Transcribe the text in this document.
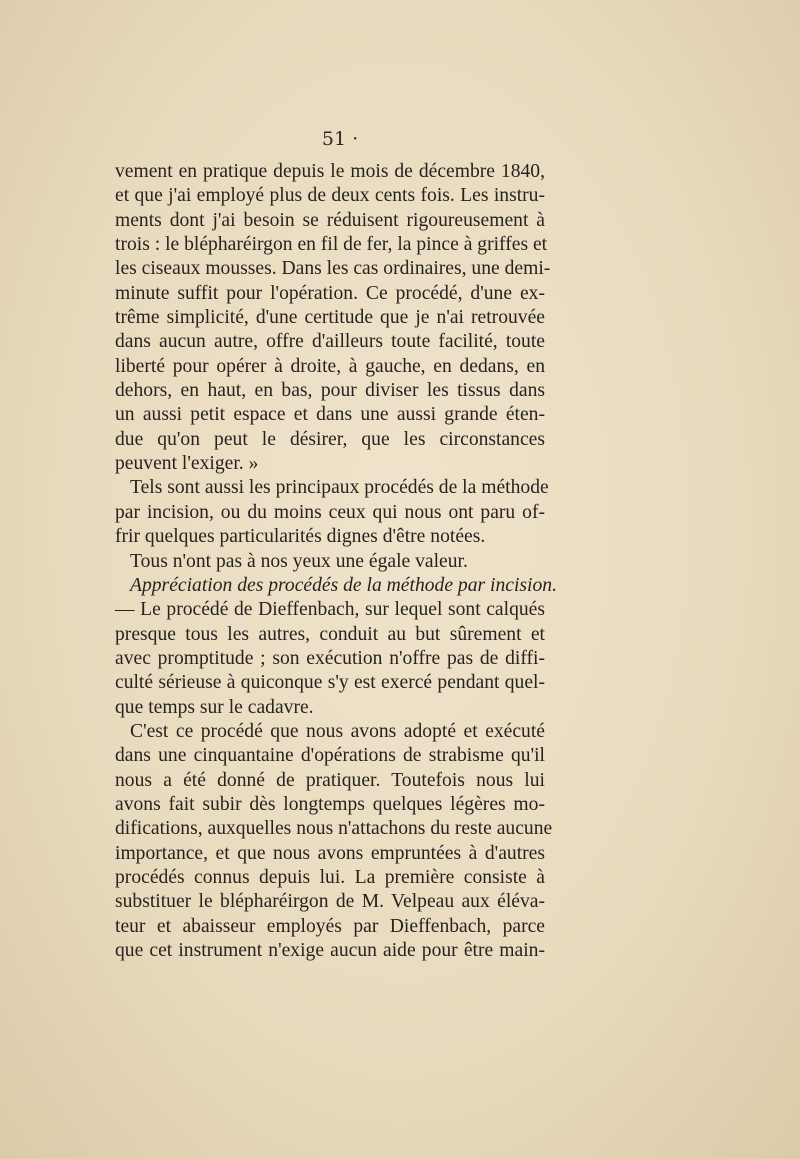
51 ·
vement en pratique depuis le mois de décembre 1840,
et que j'ai employé plus de deux cents fois. Les instru-
ments dont j'ai besoin se réduisent rigoureusement à
trois : le blépharéirgon en fil de fer, la pince à griffes et
les ciseaux mousses. Dans les cas ordinaires, une demi-
minute suffit pour l'opération. Ce procédé, d'une ex-
trême simplicité, d'une certitude que je n'ai retrouvée
dans aucun autre, offre d'ailleurs toute facilité, toute
liberté pour opérer à droite, à gauche, en dedans, en
dehors, en haut, en bas, pour diviser les tissus dans
un aussi petit espace et dans une aussi grande éten-
due qu'on peut le désirer, que les circonstances
peuvent l'exiger. »
Tels sont aussi les principaux procédés de la méthode
par incision, ou du moins ceux qui nous ont paru of-
frir quelques particularités dignes d'être notées.
Tous n'ont pas à nos yeux une égale valeur.
Appréciation des procédés de la méthode par incision.
— Le procédé de Dieffenbach, sur lequel sont calqués
presque tous les autres, conduit au but sûrement et
avec promptitude ; son exécution n'offre pas de diffi-
culté sérieuse à quiconque s'y est exercé pendant quel-
que temps sur le cadavre.
C'est ce procédé que nous avons adopté et exécuté
dans une cinquantaine d'opérations de strabisme qu'il
nous a été donné de pratiquer. Toutefois nous lui
avons fait subir dès longtemps quelques légères mo-
difications, auxquelles nous n'attachons du reste aucune
importance, et que nous avons empruntées à d'autres
procédés connus depuis lui. La première consiste à
substituer le blépharéirgon de M. Velpeau aux éléva-
teur et abaisseur employés par Dieffenbach, parce
que cet instrument n'exige aucun aide pour être main-
